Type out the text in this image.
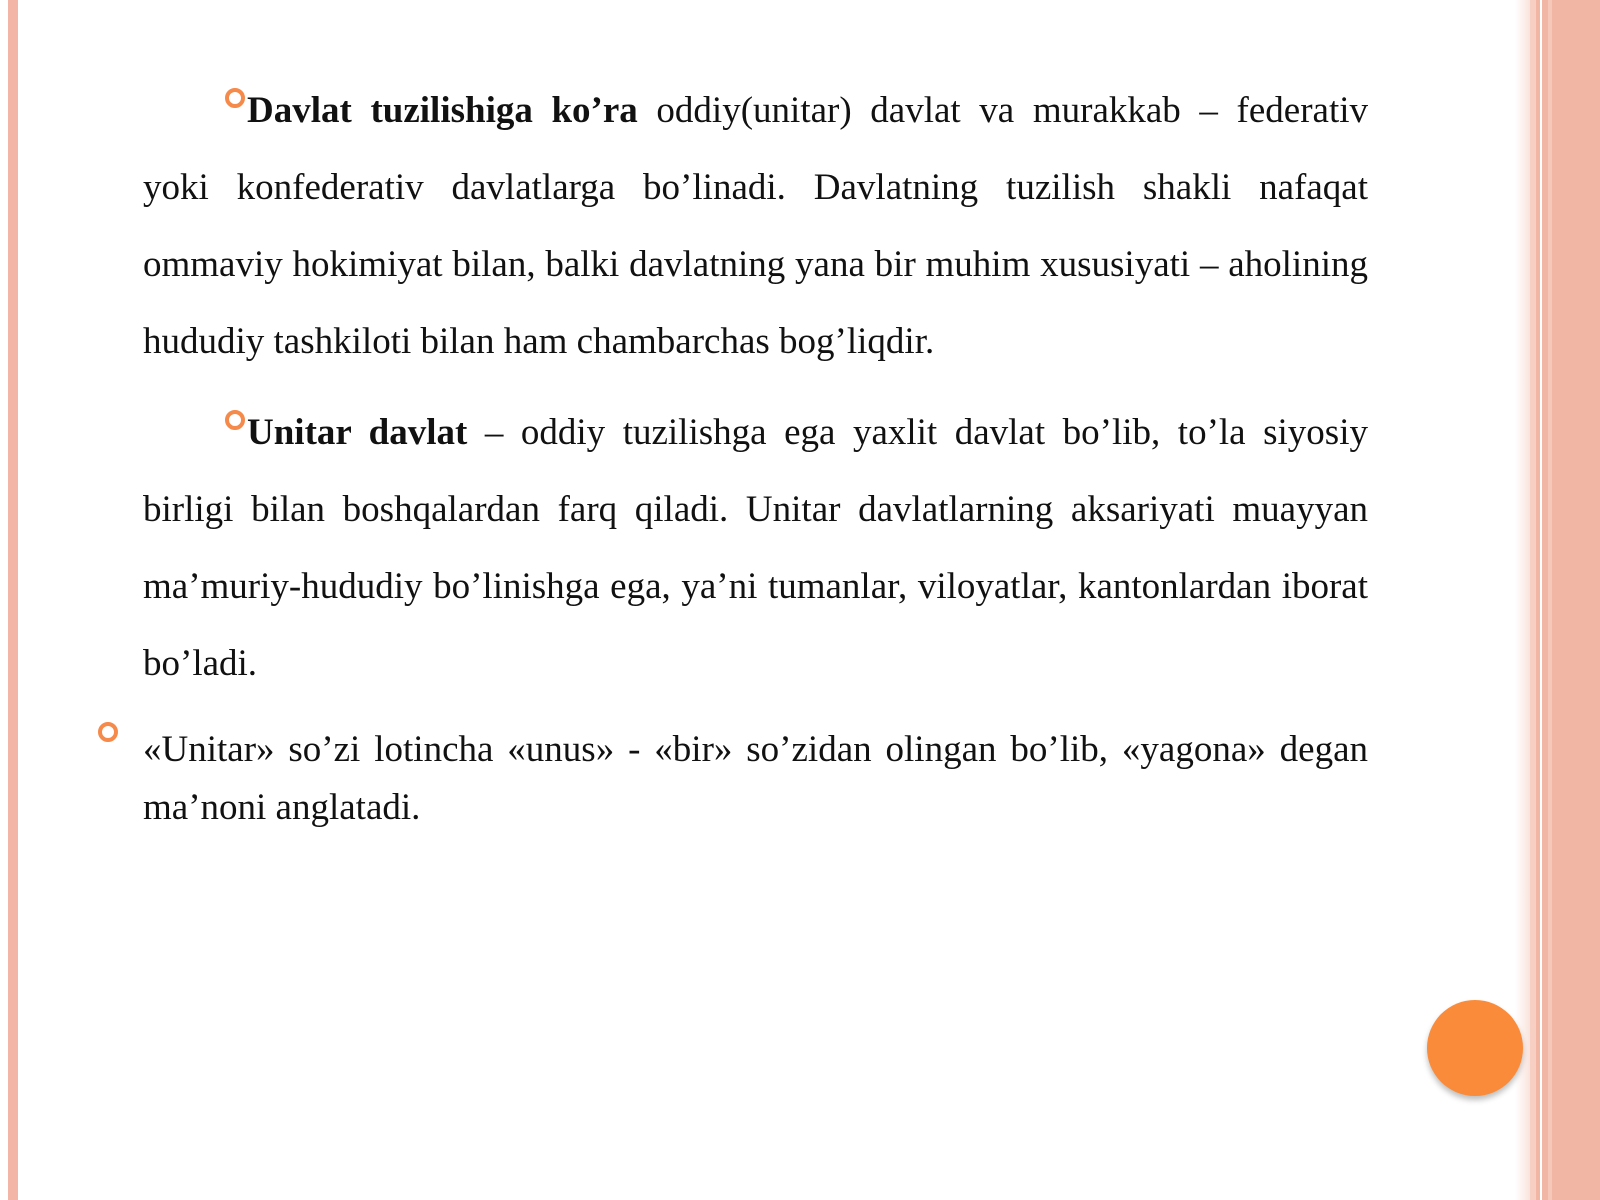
Davlat tuzilishiga ko’ra oddiy(unitar) davlat va murakkab – federativ yoki konfederativ davlatlarga bo’linadi. Davlatning tuzilish shakli nafaqat ommaviy hokimiyat bilan, balki davlatning yana bir muhim xususiyati – aholining hududiy tashkiloti bilan ham chambarchas bog’liqdir.

Unitar davlat – oddiy tuzilishga ega yaxlit davlat bo’lib, to’la siyosiy birligi bilan boshqalardan farq qiladi. Unitar davlatlarning aksariyati muayyan ma’muriy-hududiy bo’linishga ega, ya’ni tumanlar, viloyatlar, kantonlardan iborat bo’ladi.

«Unitar» so’zi lotincha «unus» - «bir» so’zidan olingan bo’lib, «yagona» degan ma’noni anglatadi.
